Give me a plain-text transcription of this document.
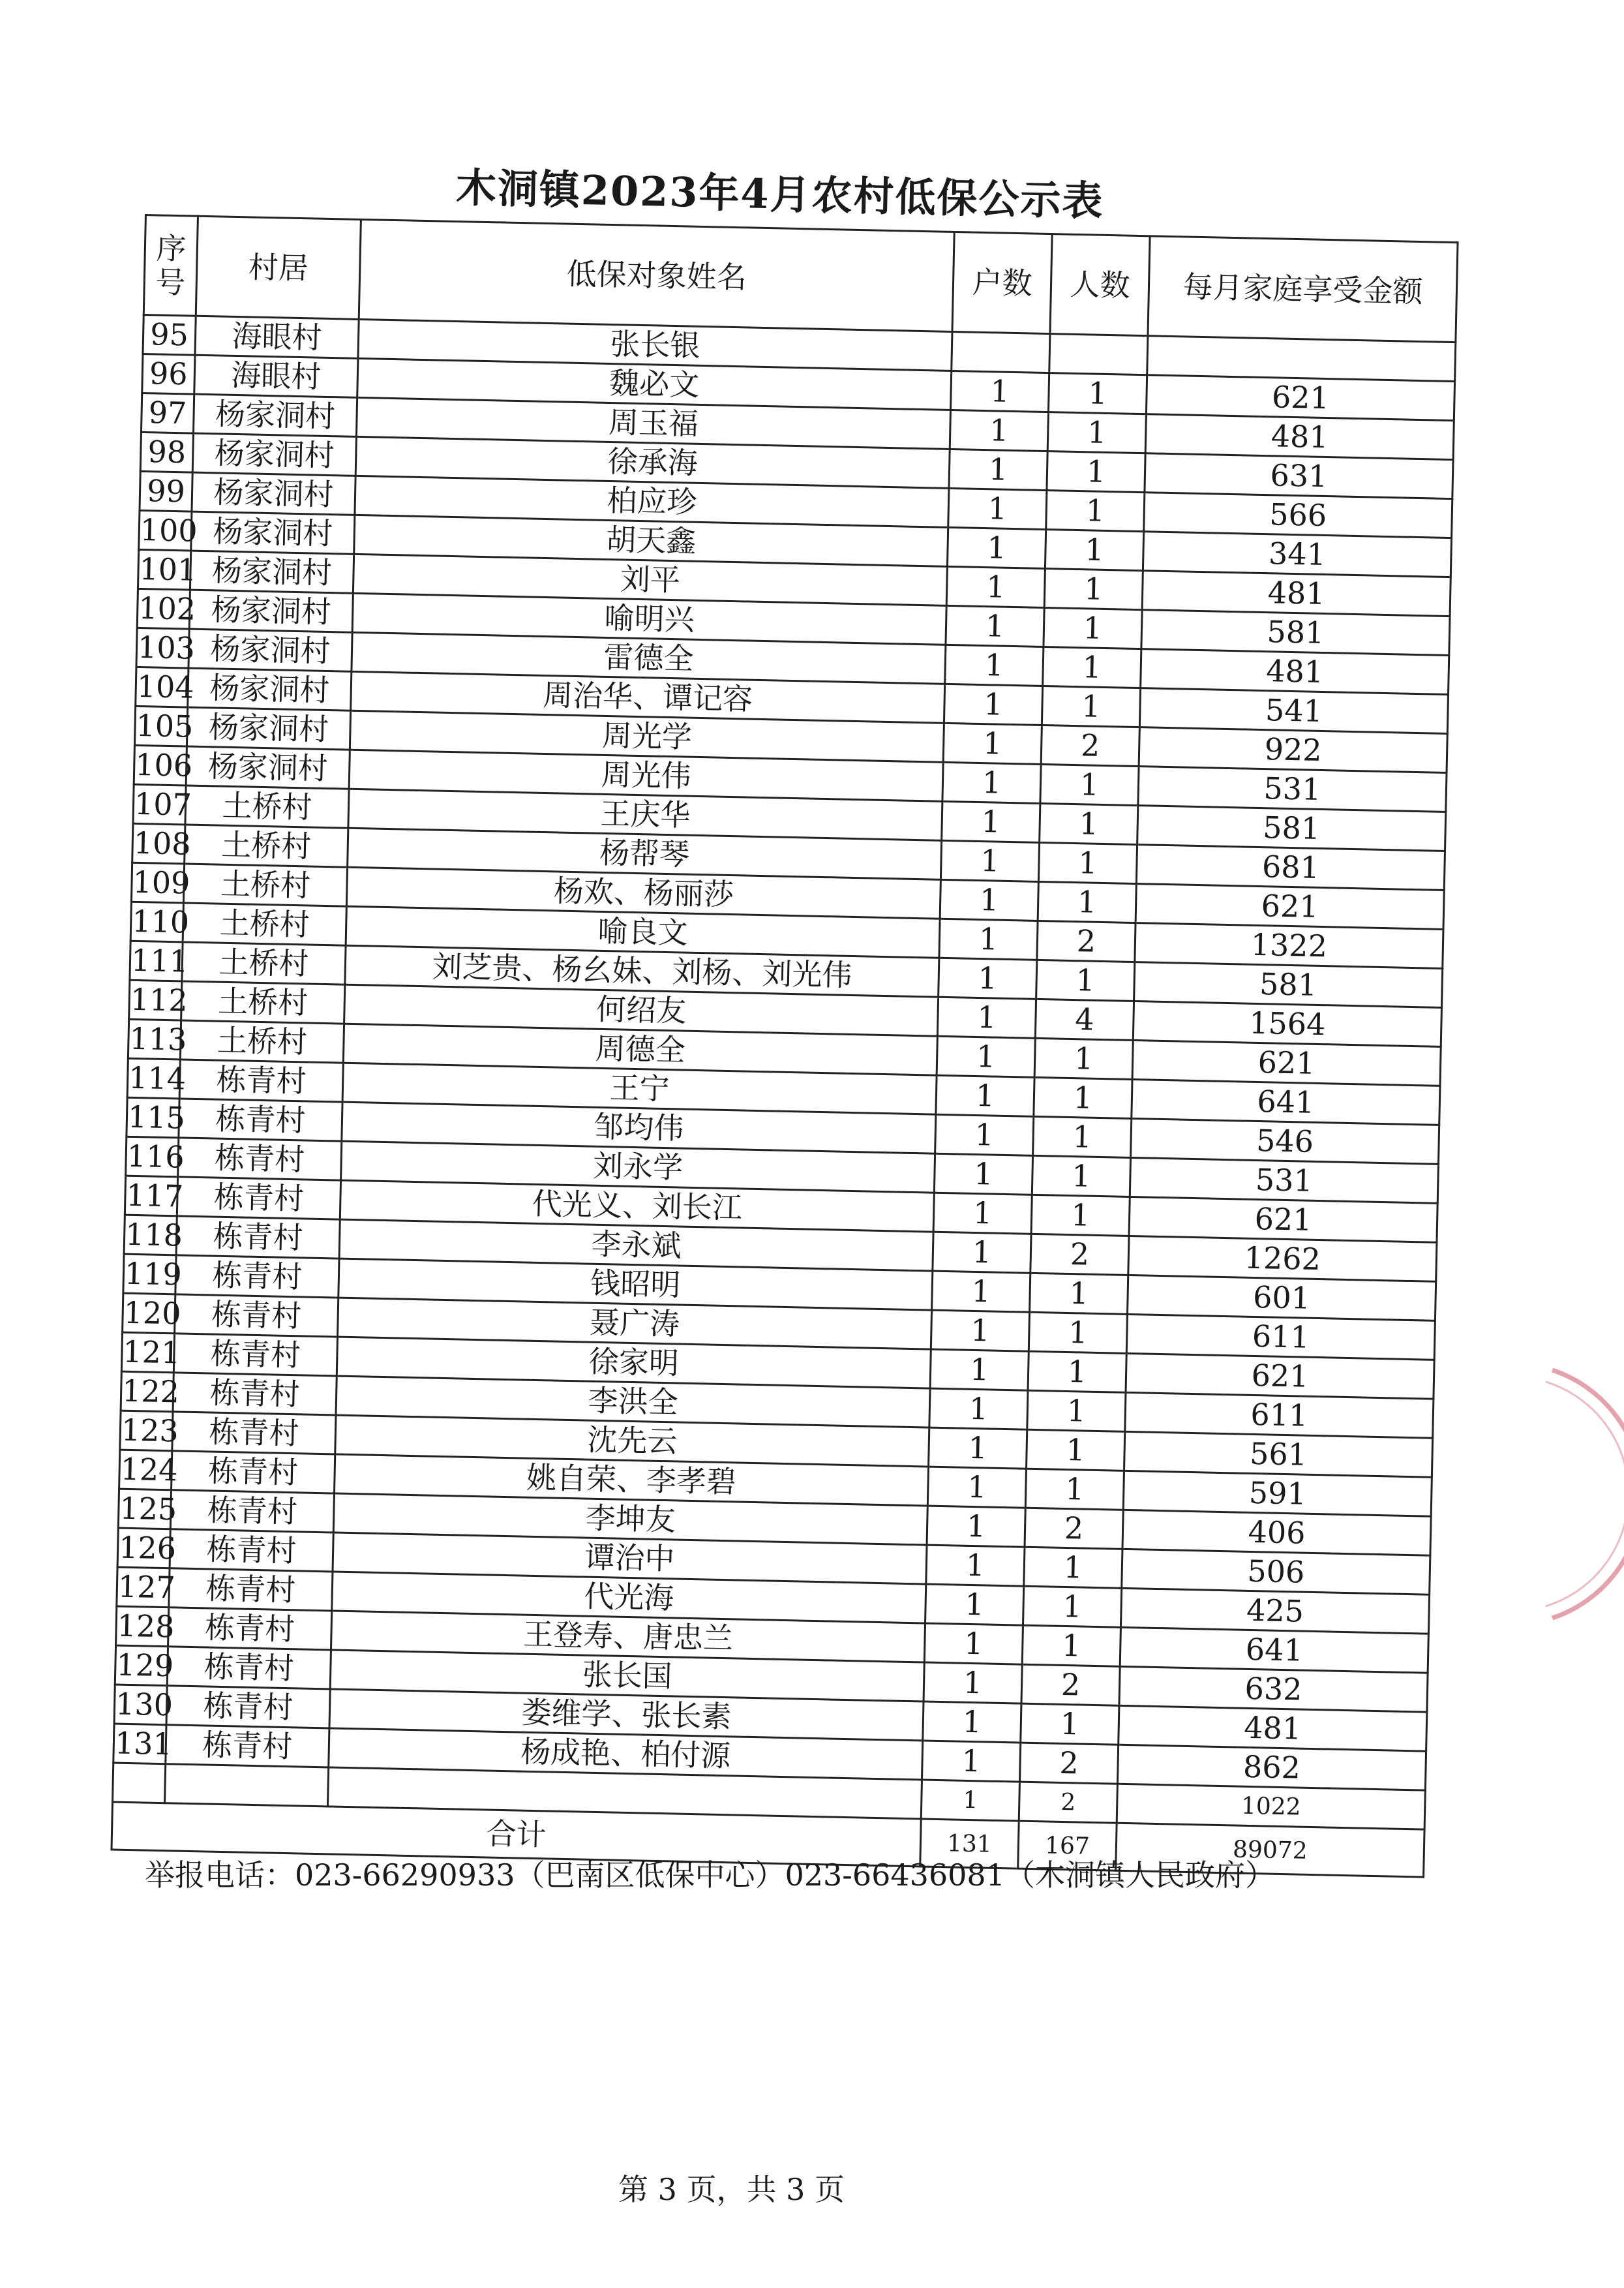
木洞镇2023年4月农村低保公示表
序号	村居	低保对象姓名	户数	人数	每月家庭享受金额
95	海眼村	张长银			
96	海眼村	魏必文	1	1	621
97	杨家洞村	周玉福	1	1	481
98	杨家洞村	徐承海	1	1	631
99	杨家洞村	柏应珍	1	1	566
100	杨家洞村	胡天鑫	1	1	341
101	杨家洞村	刘平	1	1	481
102	杨家洞村	喻明兴	1	1	581
103	杨家洞村	雷德全	1	1	481
104	杨家洞村	周治华、谭记容	1	1	541
105	杨家洞村	周光学	1	2	922
106	杨家洞村	周光伟	1	1	531
107	土桥村	王庆华	1	1	581
108	土桥村	杨帮琴	1	1	681
109	土桥村	杨欢、杨丽莎	1	1	621
110	土桥村	喻良文	1	2	1322
111	土桥村	刘芝贵、杨幺妹、刘杨、刘光伟	1	1	581
112	土桥村	何绍友	1	4	1564
113	土桥村	周德全	1	1	621
114	栋青村	王宁	1	1	641
115	栋青村	邹均伟	1	1	546
116	栋青村	刘永学	1	1	531
117	栋青村	代光义、刘长江	1	1	621
118	栋青村	李永斌	1	2	1262
119	栋青村	钱昭明	1	1	601
120	栋青村	聂广涛	1	1	611
121	栋青村	徐家明	1	1	621
122	栋青村	李洪全	1	1	611
123	栋青村	沈先云	1	1	561
124	栋青村	姚自荣、李孝碧	1	1	591
125	栋青村	李坤友	1	2	406
126	栋青村	谭治中	1	1	506
127	栋青村	代光海	1	1	425
128	栋青村	王登寿、唐忠兰	1	1	641
129	栋青村	张长国	1	2	632
130	栋青村	娄维学、张长素	1	1	481
131	栋青村	杨成艳、柏付源	1	2	862
			1	2	1022
合计			131	167	89072
举报电话：023-66290933（巴南区低保中心）023-66436081（木洞镇人民政府）
第 3 页，共 3 页
